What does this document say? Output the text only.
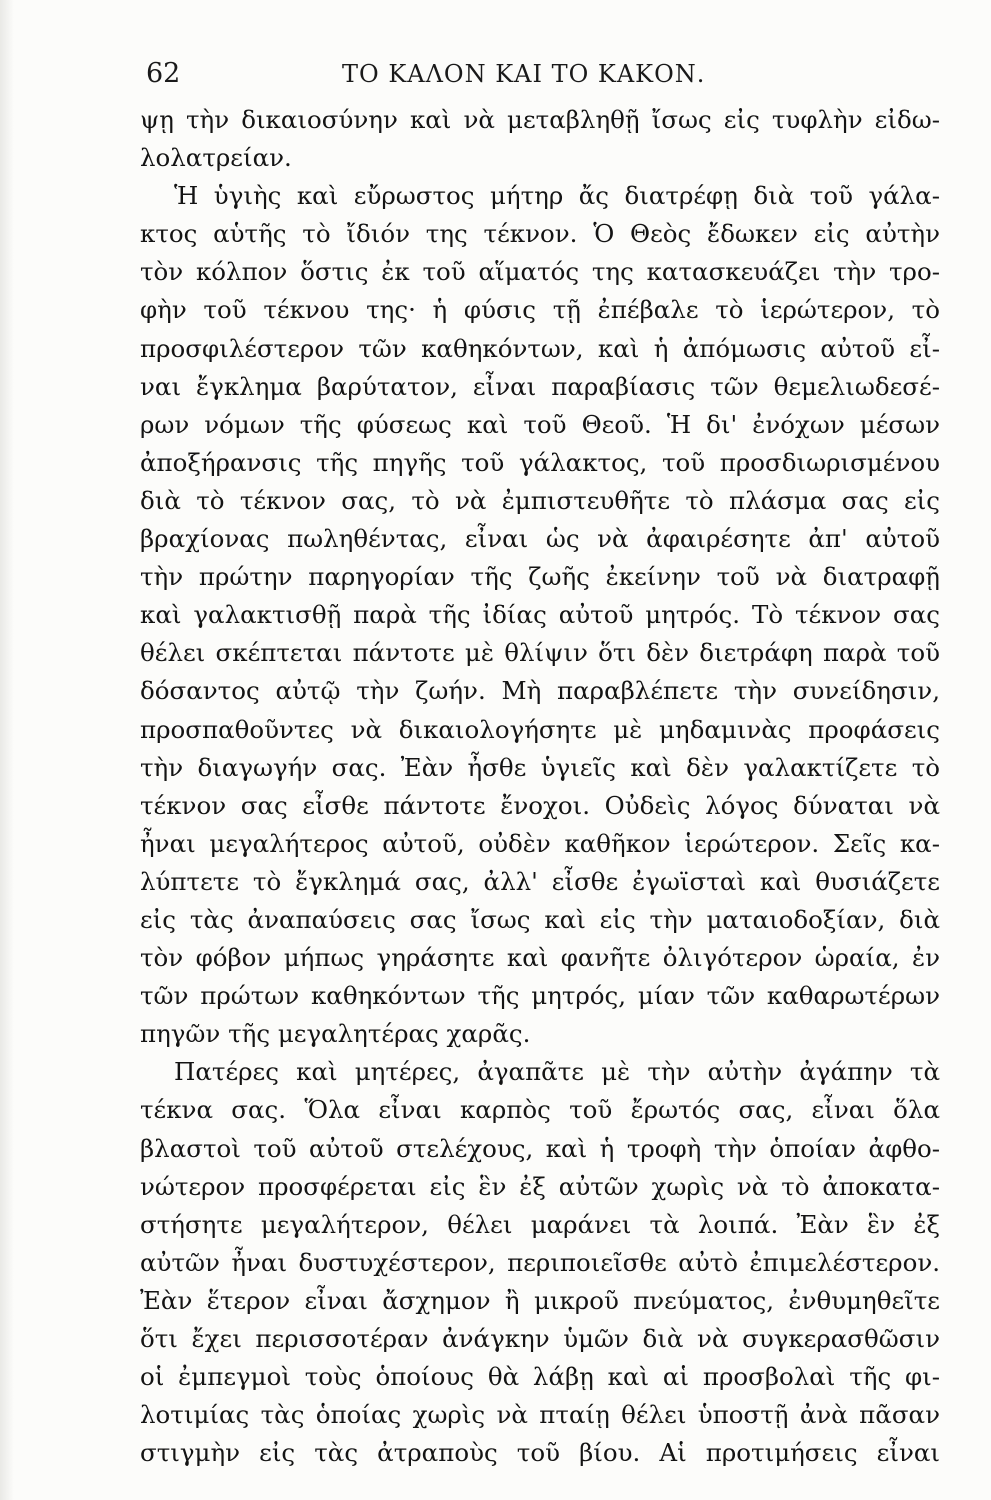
62	ΤΟ ΚΑΛΟΝ ΚΑΙ ΤΟ ΚΑΚΟΝ.
ψῃ τὴν δικαιοσύνην καὶ νὰ μεταβληθῇ ἴσως εἰς τυφλὴν εἰδω-
λολατρείαν.
Ἡ ὑγιὴς καὶ εὔρωστος μήτηρ ἄς διατρέφῃ διὰ τοῦ γάλα-
κτος αὑτῆς τὸ ἴδιόν της τέκνον. Ὁ Θεὸς ἔδωκεν εἰς αὐτὴν
τὸν κόλπον ὅστις ἐκ τοῦ αἵματός της κατασκευάζει τὴν τρο-
φὴν τοῦ τέκνου της· ἡ φύσις τῇ ἐπέβαλε τὸ ἱερώτερον, τὸ
προσφιλέστερον τῶν καθηκόντων, καὶ ἡ ἀπόμωσις αὐτοῦ εἶ-
ναι ἔγκλημα βαρύτατον, εἶναι παραβίασις τῶν θεμελιωδεσέ-
ρων νόμων τῆς φύσεως καὶ τοῦ Θεοῦ. Ἡ δι' ἐνόχων μέσων
ἀποξήρανσις τῆς πηγῆς τοῦ γάλακτος, τοῦ προσδιωρισμένου
διὰ τὸ τέκνον σας, τὸ νὰ ἐμπιστευθῆτε τὸ πλάσμα σας εἰς
βραχίονας πωληθέντας, εἶναι ὡς νὰ ἀφαιρέσητε ἀπ' αὐτοῦ
τὴν πρώτην παρηγορίαν τῆς ζωῆς ἐκείνην τοῦ νὰ διατραφῇ
καὶ γαλακτισθῇ παρὰ τῆς ἰδίας αὐτοῦ μητρός. Τὸ τέκνον σας
θέλει σκέπτεται πάντοτε μὲ θλίψιν ὅτι δὲν διετράφη παρὰ τοῦ
δόσαντος αὐτῷ τὴν ζωήν. Μὴ παραβλέπετε τὴν συνείδησιν,
προσπαθοῦντες νὰ δικαιολογήσητε μὲ μηδαμινὰς προφάσεις
τὴν διαγωγήν σας. Ἐὰν ἦσθε ὑγιεῖς καὶ δὲν γαλακτίζετε τὸ
τέκνον σας εἶσθε πάντοτε ἔνοχοι. Οὐδεὶς λόγος δύναται νὰ
ἦναι μεγαλήτερος αὐτοῦ, οὐδὲν καθῆκον ἱερώτερον. Σεῖς κα-
λύπτετε τὸ ἔγκλημά σας, ἀλλ' εἶσθε ἐγωϊσταὶ καὶ θυσιάζετε
εἰς τὰς ἀναπαύσεις σας ἴσως καὶ εἰς τὴν ματαιοδοξίαν, διὰ
τὸν φόβον μήπως γηράσητε καὶ φανῆτε ὀλιγότερον ὡραία, ἐν
τῶν πρώτων καθηκόντων τῆς μητρός, μίαν τῶν καθαρωτέρων
πηγῶν τῆς μεγαλητέρας χαρᾶς.
Πατέρες καὶ μητέρες, ἀγαπᾶτε μὲ τὴν αὐτὴν ἀγάπην τὰ
τέκνα σας. Ὅλα εἶναι καρπὸς τοῦ ἔρωτός σας, εἶναι ὅλα
βλαστοὶ τοῦ αὐτοῦ στελέχους, καὶ ἡ τροφὴ τὴν ὁποίαν ἀφθο-
νώτερον προσφέρεται εἰς ἓν ἐξ αὐτῶν χωρὶς νὰ τὸ ἀποκατα-
στήσητε μεγαλήτερον, θέλει μαράνει τὰ λοιπά. Ἐὰν ἓν ἐξ
αὐτῶν ἦναι δυστυχέστερον, περιποιεῖσθε αὐτὸ ἐπιμελέστερον.
Ἐὰν ἕτερον εἶναι ἄσχημον ἢ μικροῦ πνεύματος, ἐνθυμηθεῖτε
ὅτι ἔχει περισσοτέραν ἀνάγκην ὑμῶν διὰ νὰ συγκερασθῶσιν
οἱ ἐμπεγμοὶ τοὺς ὁποίους θὰ λάβῃ καὶ αἱ προσβολαὶ τῆς φι-
λοτιμίας τὰς ὁποίας χωρὶς νὰ πταίῃ θέλει ὑποστῇ ἀνὰ πᾶσαν
στιγμὴν εἰς τὰς ἀτραποὺς τοῦ βίου. Αἱ προτιμήσεις εἶναι
